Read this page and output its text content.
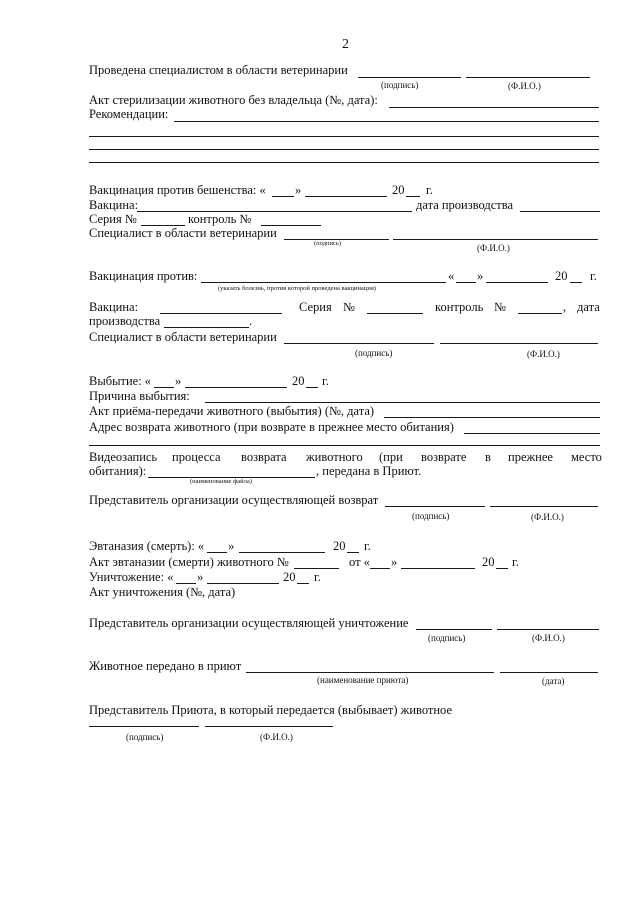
2
Проведена специалистом в области ветеринарии
(подпись)	(Ф.И.О.)
Акт стерилизации животного без владельца (№, дата):
Рекомендации:
Вакцинация против бешенства: « »	20 г.
Вакцина:	дата производства
Серия №	контроль №
Специалист в области ветеринарии
(подпись)	(Ф.И.О.)
Вакцинация против:
(указать болезнь, против которой проведена вакцинация)
« »	20 г.
Вакцина:	Серия №	контроль №	, дата
производства	.
Специалист в области ветеринарии
(подпись)	(Ф.И.О.)
Выбытие: « »	20 г.
Причина выбытия:
Акт приёма-передачи животного (выбытия) (№, дата)
Адрес возврата животного (при возврате в прежнее место обитания)
Видеозапись процесса возврата животного (при возврате в прежнее место
обитания):	, передана в Приют.
(наименование файла)
Представитель организации осуществляющей возврат
(подпись)	(Ф.И.О.)
Эвтаназия (смерть): « »	20 г.
Акт эвтаназии (смерти) животного №	от « »	20 г.
Уничтожение: « »	20 г.
Акт уничтожения (№, дата)
Представитель организации осуществляющей уничтожение
(подпись)	(Ф.И.О.)
Животное передано в приют
(наименование приюта)	(дата)
Представитель Приюта, в который передается (выбывает) животное
(подпись)	(Ф.И.О.)
